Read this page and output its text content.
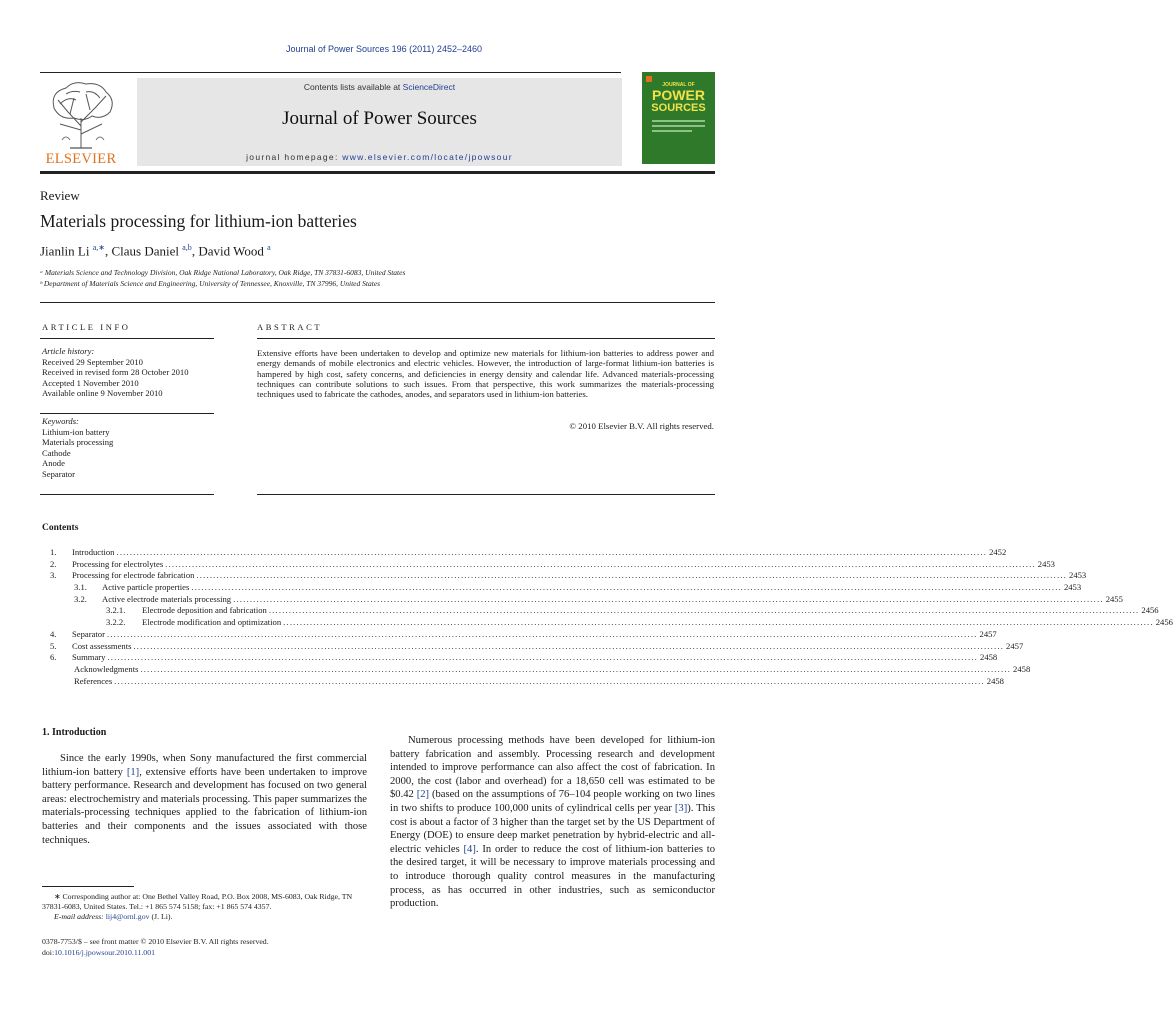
Journal of Power Sources 196 (2011) 2452–2460
ELSEVIER
Contents lists available at ScienceDirect
Journal of Power Sources
journal homepage: www.elsevier.com/locate/jpowsour
JOURNAL OF
POWER
SOURCES
Review
Materials processing for lithium-ion batteries
Jianlin Li $^{a,∗}$, Claus Daniel $^{a,b}$, David Wood $^a$
ᵃ Materials Science and Technology Division, Oak Ridge National Laboratory, Oak Ridge, TN 37831-6083, United States
ᵇ Department of Materials Science and Engineering, University of Tennessee, Knoxville, TN 37996, United States
ARTICLE INFO	ABSTRACT
Article history:
Received 29 September 2010
Received in revised form 28 October 2010
Accepted 1 November 2010
Available online 9 November 2010
Keywords:
Lithium-ion battery
Materials processing
Cathode
Anode
Separator
Extensive efforts have been undertaken to develop and optimize new materials for lithium-ion batteries to address power and energy demands of mobile electronics and electric vehicles. However, the introduction of large-format lithium-ion batteries is hampered by high cost, safety concerns, and deficiencies in energy density and calendar life. Advanced materials-processing techniques can contribute solutions to such issues. From that perspective, this work summarizes the materials-processing techniques used to fabricate the cathodes, anodes, and separators used in lithium-ion batteries.
© 2010 Elsevier B.V. All rights reserved.
Contents
1.	Introduction .................................................................................................................................................................................................................................................................... 2452
2.	Processing for electrolytes .................................................................................................................................................................................................................................................................... 2453
3.	Processing for electrode fabrication .................................................................................................................................................................................................................................................................... 2453
3.1.	Active particle properties .................................................................................................................................................................................................................................................................... 2453
3.2.	Active electrode materials processing .................................................................................................................................................................................................................................................................... 2455
3.2.1.	Electrode deposition and fabrication .................................................................................................................................................................................................................................................................... 2456
3.2.2.	Electrode modification and optimization .................................................................................................................................................................................................................................................................... 2456
4.	Separator .................................................................................................................................................................................................................................................................... 2457
5.	Cost assessments .................................................................................................................................................................................................................................................................... 2457
6.	Summary .................................................................................................................................................................................................................................................................... 2458
Acknowledgments .................................................................................................................................................................................................................................................................... 2458
References .................................................................................................................................................................................................................................................................... 2458
1. Introduction
Since the early 1990s, when Sony manufactured the first commercial lithium-ion battery [1], extensive efforts have been undertaken to improve battery performance. Research and development has focused on two general areas: electrochemistry and materials processing. This paper summarizes the materials-processing techniques applied to the fabrication of lithium-ion batteries and their components and the issues associated with those techniques.
Numerous processing methods have been developed for lithium-ion battery fabrication and assembly. Processing research and development intended to improve performance can also affect the cost of fabrication. In 2000, the cost (labor and overhead) for a 18,650 cell was estimated to be $0.42 [2] (based on the assumptions of 76–104 people working on two lines in two shifts to produce 100,000 units of cylindrical cells per year [3]). This cost is about a factor of 3 higher than the target set by the US Department of Energy (DOE) to ensure deep market penetration by hybrid-electric and all-electric vehicles [4]. In order to reduce the cost of lithium-ion batteries to the desired target, it will be necessary to improve materials processing and to introduce thorough quality control measures in the manufacturing process, as has occurred in other industries, such as semiconductor production.
∗ Corresponding author at: One Bethel Valley Road, P.O. Box 2008, MS-6083, Oak Ridge, TN 37831-6083, United States. Tel.: +1 865 574 5158; fax: +1 865 574 4357.
E-mail address: lij4@ornl.gov (J. Li).
0378-7753/$ – see front matter © 2010 Elsevier B.V. All rights reserved.
doi:10.1016/j.jpowsour.2010.11.001
